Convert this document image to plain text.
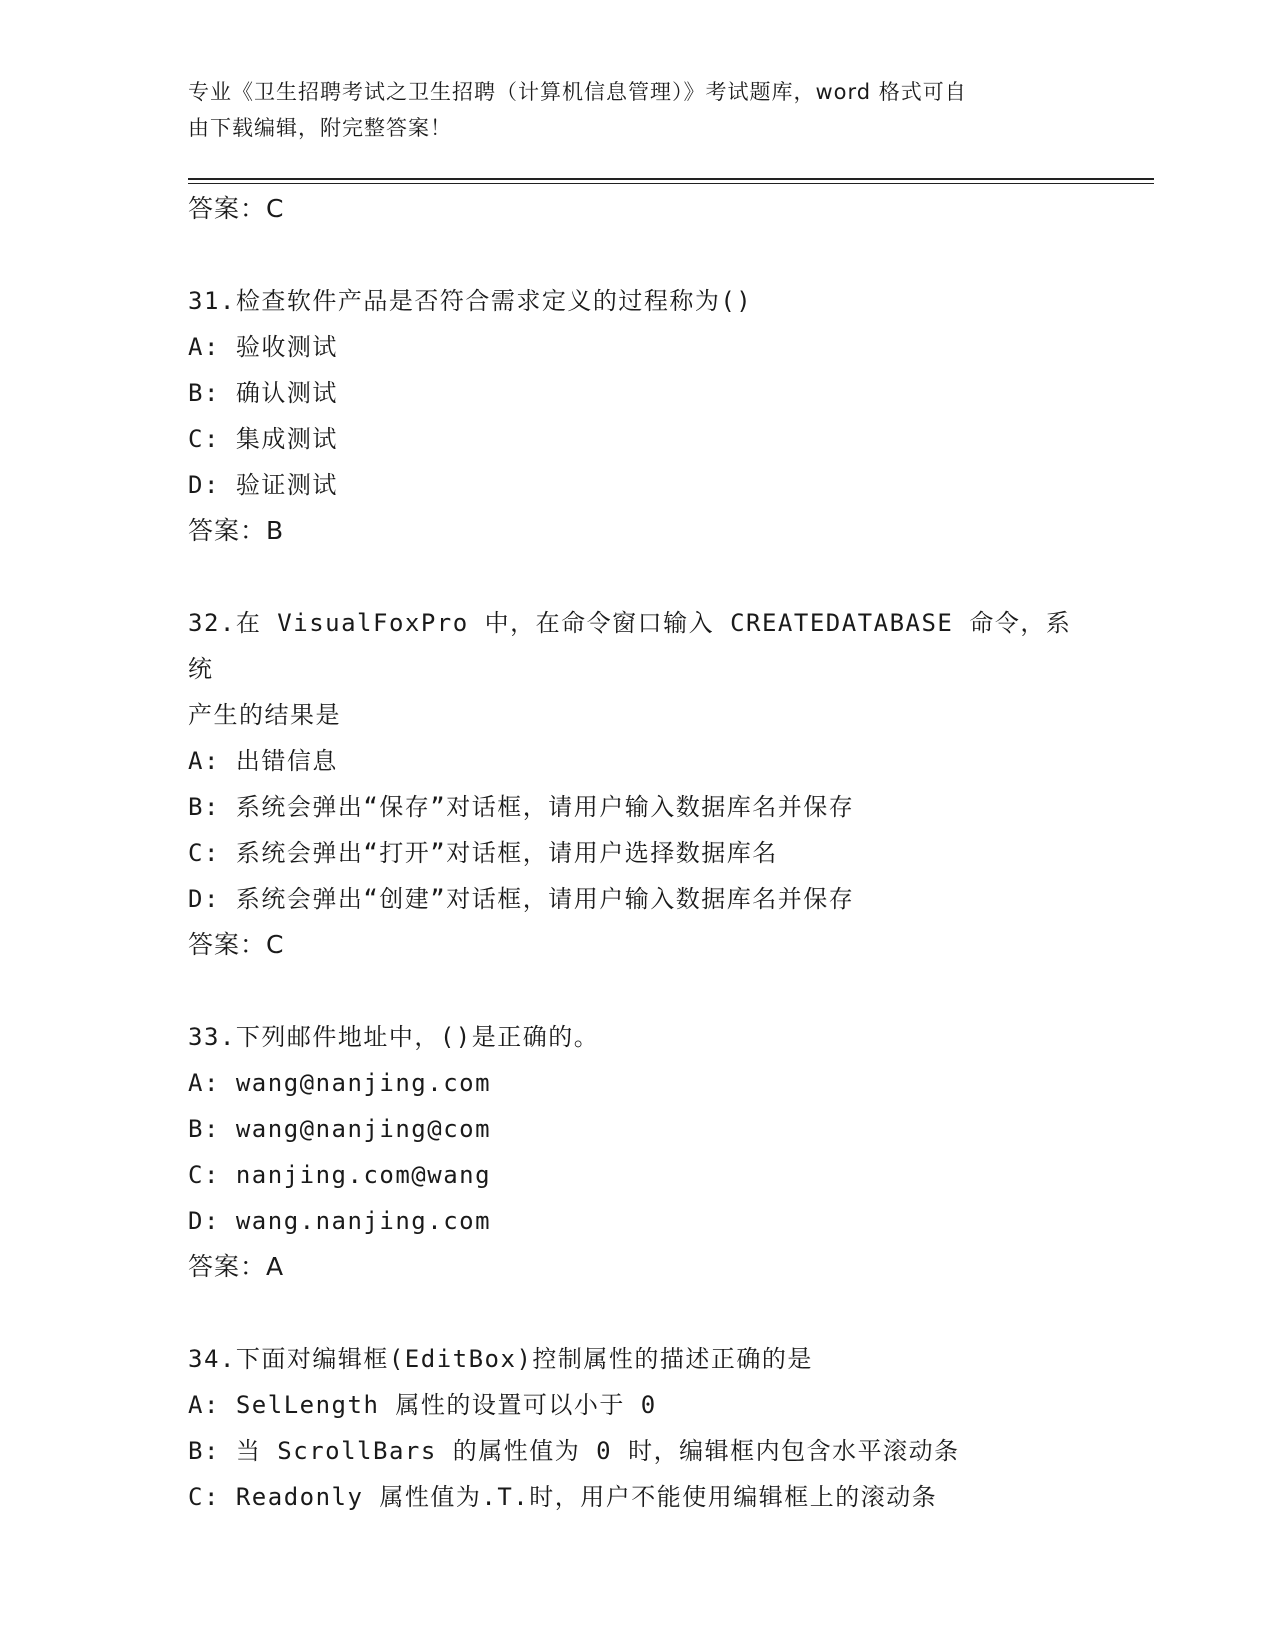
专业《卫生招聘考试之卫生招聘（计算机信息管理）》考试题库，word 格式可自
由下载编辑，附完整答案！
答案：C
31.检查软件产品是否符合需求定义的过程称为()
A: 验收测试
B: 确认测试
C: 集成测试
D: 验证测试
答案：B
32.在 VisualFoxPro 中，在命令窗口输入 CREATEDATABASE 命令，系统
产生的结果是
A: 出错信息
B: 系统会弹出“保存”对话框，请用户输入数据库名并保存
C: 系统会弹出“打开”对话框，请用户选择数据库名
D: 系统会弹出“创建”对话框，请用户输入数据库名并保存
答案：C
33.下列邮件地址中，()是正确的。
A: wang@nanjing.com
B: wang@nanjing@com
C: nanjing.com@wang
D: wang.nanjing.com
答案：A
34.下面对编辑框(EditBox)控制属性的描述正确的是
A: SelLength 属性的设置可以小于 0
B: 当 ScrollBars 的属性值为 0 时，编辑框内包含水平滚动条
C: Readonly 属性值为.T.时，用户不能使用编辑框上的滚动条
